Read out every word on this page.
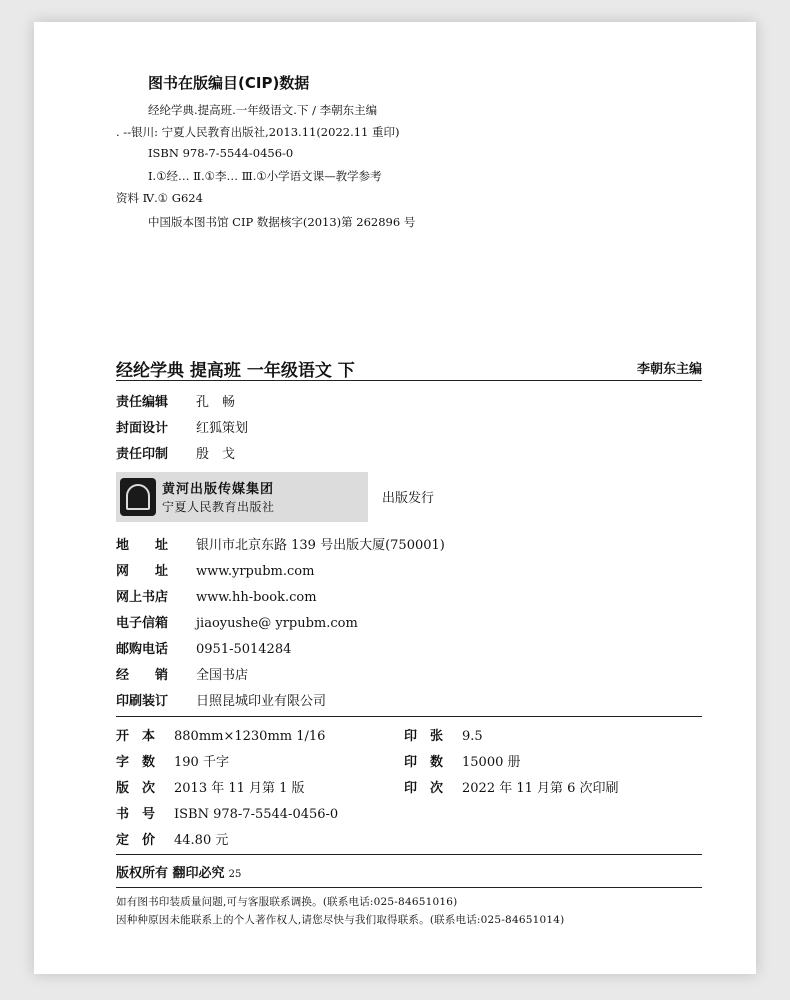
图书在版编目(CIP)数据
经纶学典.提高班.一年级语文.下 / 李朝东主编
. --银川: 宁夏人民教育出版社,2013.11(2022.11 重印)
ISBN 978-7-5544-0456-0
Ⅰ.①经… Ⅱ.①李… Ⅲ.①小学语文课—教学参考
资料 Ⅳ.① G624
中国版本图书馆 CIP 数据核字(2013)第 262896 号
经纶学典 提高班 一年级语文 下	李朝东主编
责任编辑 孔　畅
封面设计 红狐策划
责任印制 殷　戈
黄河出版传媒集团
宁夏人民教育出版社
出版发行
地　　址 银川市北京东路 139 号出版大厦(750001)
网　　址 www.yrpubm.com
网上书店 www.hh-book.com
电子信箱 jiaoyushe@ yrpubm.com
邮购电话 0951-5014284
经　　销 全国书店
印刷装订 日照昆城印业有限公司
开　本 880mm×1230mm 1/16
字　数 190 千字
版　次 2013 年 11 月第 1 版
书　号 ISBN 978-7-5544-0456-0
定　价 44.80 元
印　张 9.5
印　数 15000 册
印　次 2022 年 11 月第 6 次印刷
版权所有 翻印必究 25
如有图书印装质量问题,可与客服联系调换。(联系电话:025-84651016)
因种种原因未能联系上的个人著作权人,请您尽快与我们取得联系。(联系电话:025-84651014)
